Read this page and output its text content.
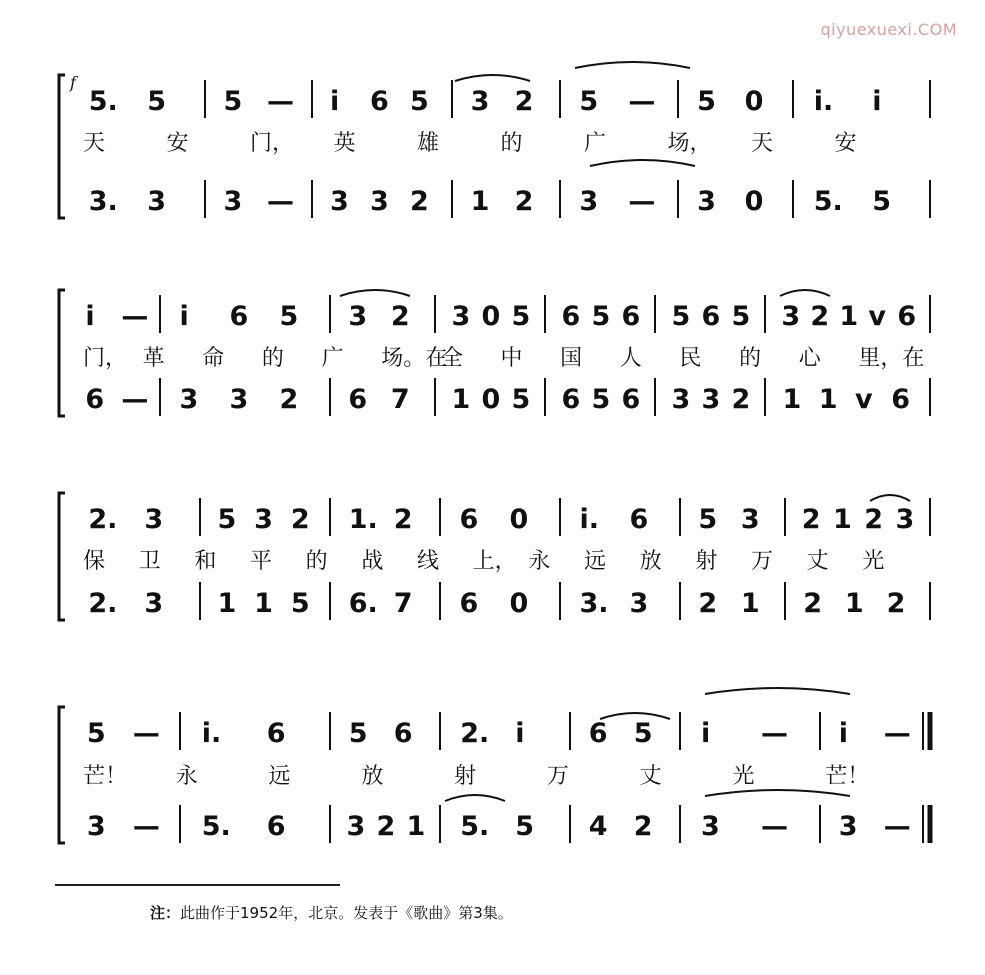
qiyuexuexi.COM
5. 5 5 — i 6 5 3 2 5 — 5 0 i. i
3. 3 3 — 3 3 2 1 2 3 — 3 0 5. 5
天	安	门， 英	雄	的	广	场， 天	安
i — i 6 5 3 2 3 0 5 6 5 6 5 6 5 3 2 1 v 6
6 — 3 3 2 6 7 1 0 5 6 5 6 3 3 2 1 1 v 6
门， 革 命 的 广 场。在
全 中 国 人 民 的 心 里，在
2. 3 5 3 2 1. 2 6 0 i. 6 5 3 2 1 2 3
2. 3 1 1 5 6. 7 6 0 3. 3 2 1 2 1 2
保 卫 和 平 的 战 线 上， 永 远 放 射 万 丈 光
5 — i. 6 5 6 2. i 6 5 i — i —
3 — 5. 6 3 2 1 5. 5 4 2 3 — 3 —
芒！ 永	远	放	射	万	丈	光	芒！
f
注：此曲作于1952年，北京。发表于《歌曲》第3集。
